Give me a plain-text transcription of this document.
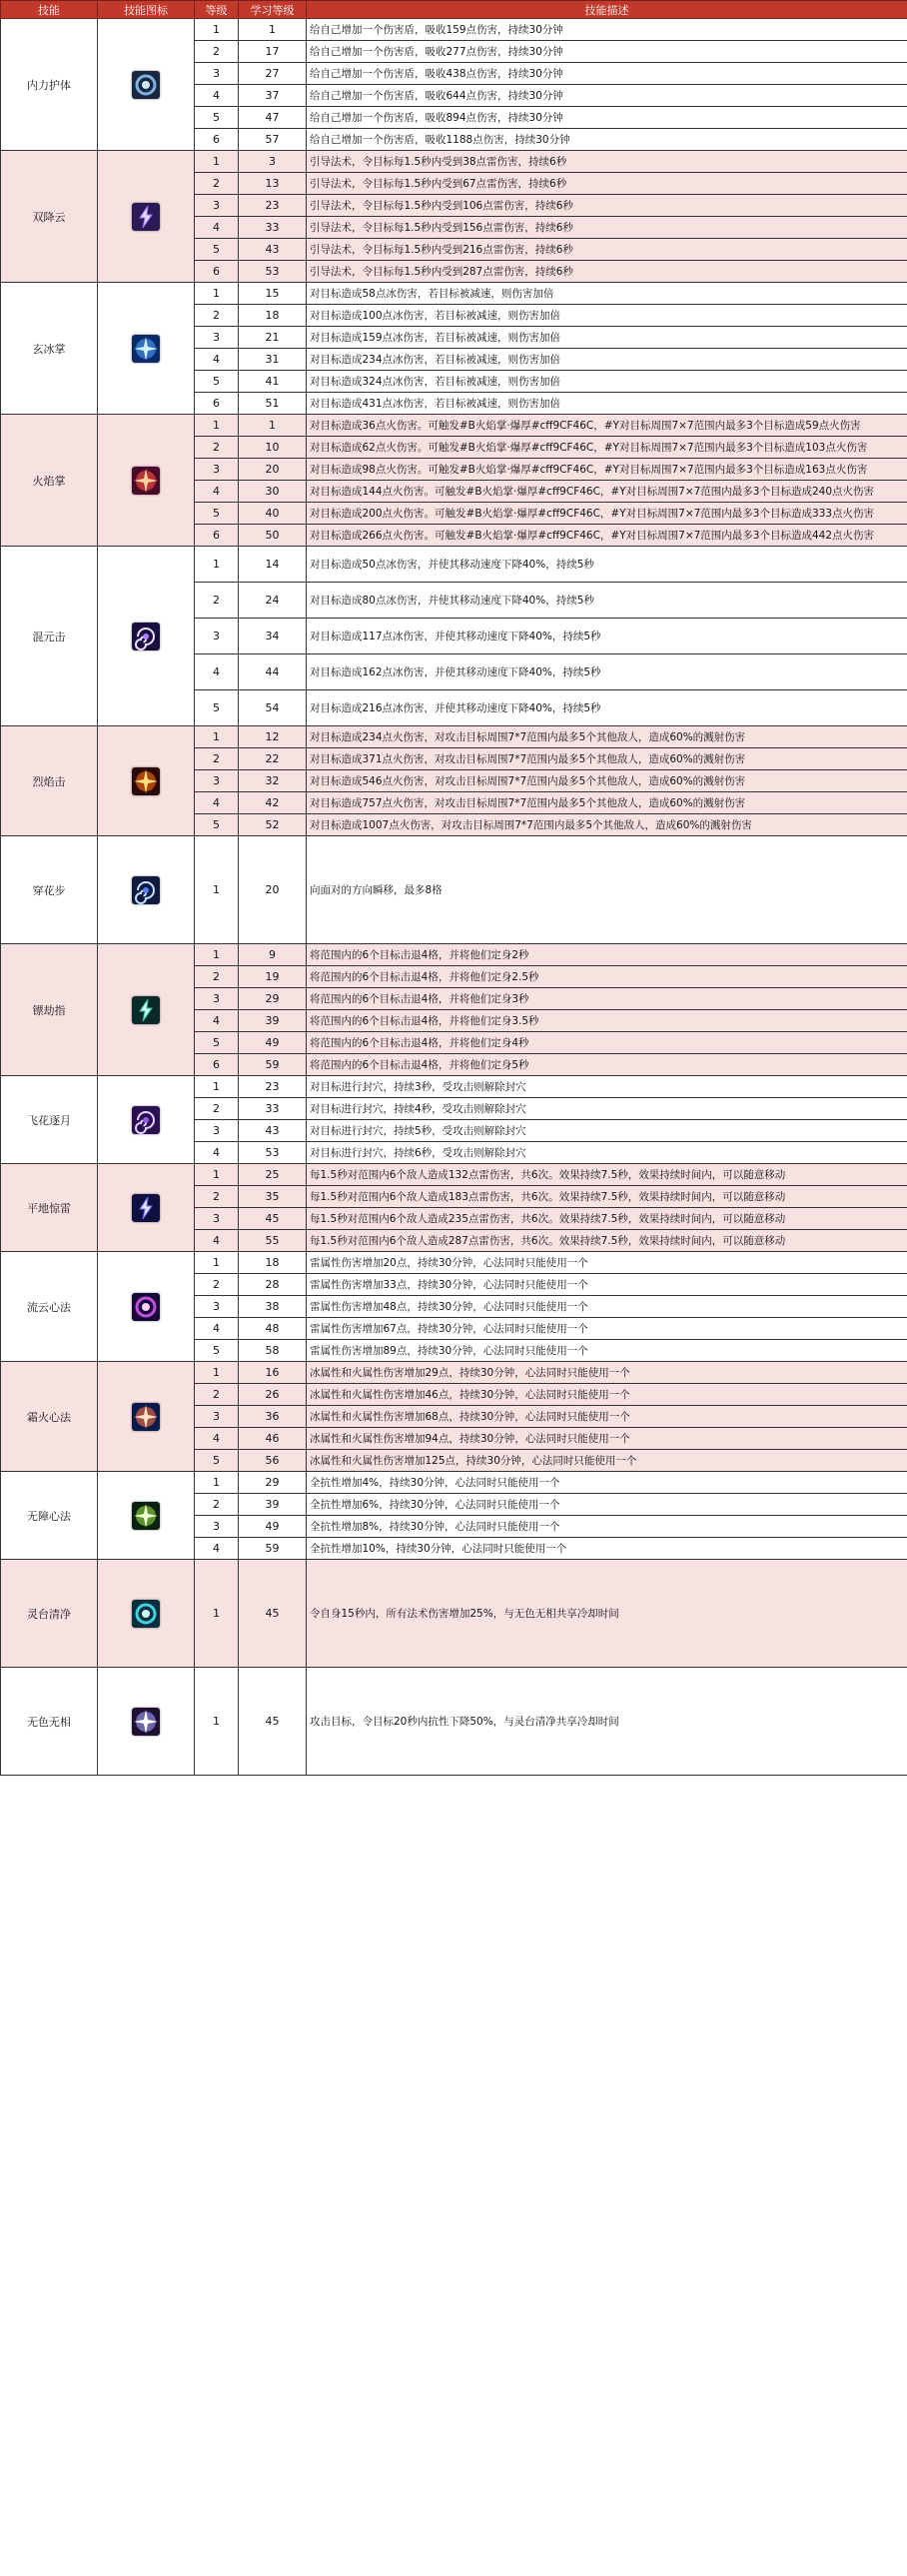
技能	技能图标	等级	学习等级	技能描述
内力护体		1	1	给自己增加一个伤害盾，吸收159点伤害，持续30分钟
		2	17	给自己增加一个伤害盾，吸收277点伤害，持续30分钟
		3	27	给自己增加一个伤害盾，吸收438点伤害，持续30分钟
		4	37	给自己增加一个伤害盾，吸收644点伤害，持续30分钟
		5	47	给自己增加一个伤害盾，吸收894点伤害，持续30分钟
		6	57	给自己增加一个伤害盾，吸收1188点伤害，持续30分钟
双降云		1	3	引导法术，令目标每1.5秒内受到38点雷伤害，持续6秒
		2	13	引导法术，令目标每1.5秒内受到67点雷伤害，持续6秒
		3	23	引导法术，令目标每1.5秒内受到106点雷伤害，持续6秒
		4	33	引导法术，令目标每1.5秒内受到156点雷伤害，持续6秒
		5	43	引导法术，令目标每1.5秒内受到216点雷伤害，持续6秒
		6	53	引导法术，令目标每1.5秒内受到287点雷伤害，持续6秒
玄冰掌		1	15	对目标造成58点冰伤害，若目标被减速，则伤害加倍
		2	18	对目标造成100点冰伤害，若目标被减速，则伤害加倍
		3	21	对目标造成159点冰伤害，若目标被减速，则伤害加倍
		4	31	对目标造成234点冰伤害，若目标被减速，则伤害加倍
		5	41	对目标造成324点冰伤害，若目标被减速，则伤害加倍
		6	51	对目标造成431点冰伤害，若目标被减速，则伤害加倍
火焰掌		1	1	对目标造成36点火伤害。可触发#B火焰掌·爆厚#cff9CF46C，#Y对目标周围7×7范围内最多3个目标造成59点火伤害
		2	10	对目标造成62点火伤害。可触发#B火焰掌·爆厚#cff9CF46C，#Y对目标周围7×7范围内最多3个目标造成103点火伤害
		3	20	对目标造成98点火伤害。可触发#B火焰掌·爆厚#cff9CF46C，#Y对目标周围7×7范围内最多3个目标造成163点火伤害
		4	30	对目标造成144点火伤害。可触发#B火焰掌·爆厚#cff9CF46C，#Y对目标周围7×7范围内最多3个目标造成240点火伤害
		5	40	对目标造成200点火伤害。可触发#B火焰掌·爆厚#cff9CF46C，#Y对目标周围7×7范围内最多3个目标造成333点火伤害
		6	50	对目标造成266点火伤害。可触发#B火焰掌·爆厚#cff9CF46C，#Y对目标周围7×7范围内最多3个目标造成442点火伤害
混元击		1	14	对目标造成50点冰伤害，并使其移动速度下降40%，持续5秒
		2	24	对目标造成80点冰伤害，并使其移动速度下降40%，持续5秒
		3	34	对目标造成117点冰伤害，并使其移动速度下降40%，持续5秒
		4	44	对目标造成162点冰伤害，并使其移动速度下降40%，持续5秒
		5	54	对目标造成216点冰伤害，并使其移动速度下降40%，持续5秒
烈焰击		1	12	对目标造成234点火伤害，对攻击目标周围7*7范围内最多5个其他敌人，造成60%的溅射伤害
		2	22	对目标造成371点火伤害，对攻击目标周围7*7范围内最多5个其他敌人，造成60%的溅射伤害
		3	32	对目标造成546点火伤害，对攻击目标周围7*7范围内最多5个其他敌人，造成60%的溅射伤害
		4	42	对目标造成757点火伤害，对攻击目标周围7*7范围内最多5个其他敌人，造成60%的溅射伤害
		5	52	对目标造成1007点火伤害，对攻击目标周围7*7范围内最多5个其他敌人，造成60%的溅射伤害
穿花步		1	20	向面对的方向瞬移，最多8格
镖劫指		1	9	将范围内的6个目标击退4格，并将他们定身2秒
		2	19	将范围内的6个目标击退4格，并将他们定身2.5秒
		3	29	将范围内的6个目标击退4格，并将他们定身3秒
		4	39	将范围内的6个目标击退4格，并将他们定身3.5秒
		5	49	将范围内的6个目标击退4格，并将他们定身4秒
		6	59	将范围内的6个目标击退4格，并将他们定身5秒
飞花逐月		1	23	对目标进行封穴，持续3秒，受攻击则解除封穴
		2	33	对目标进行封穴，持续4秒，受攻击则解除封穴
		3	43	对目标进行封穴，持续5秒，受攻击则解除封穴
		4	53	对目标进行封穴，持续6秒，受攻击则解除封穴
平地惊雷		1	25	每1.5秒对范围内6个敌人造成132点雷伤害，共6次。效果持续7.5秒，效果持续时间内，可以随意移动
		2	35	每1.5秒对范围内6个敌人造成183点雷伤害，共6次。效果持续7.5秒，效果持续时间内，可以随意移动
		3	45	每1.5秒对范围内6个敌人造成235点雷伤害，共6次。效果持续7.5秒，效果持续时间内，可以随意移动
		4	55	每1.5秒对范围内6个敌人造成287点雷伤害，共6次。效果持续7.5秒，效果持续时间内，可以随意移动
流云心法		1	18	雷属性伤害增加20点，持续30分钟，心法同时只能使用一个
		2	28	雷属性伤害增加33点，持续30分钟，心法同时只能使用一个
		3	38	雷属性伤害增加48点，持续30分钟，心法同时只能使用一个
		4	48	雷属性伤害增加67点，持续30分钟，心法同时只能使用一个
		5	58	雷属性伤害增加89点，持续30分钟，心法同时只能使用一个
霜火心法		1	16	冰属性和火属性伤害增加29点，持续30分钟，心法同时只能使用一个
		2	26	冰属性和火属性伤害增加46点，持续30分钟，心法同时只能使用一个
		3	36	冰属性和火属性伤害增加68点，持续30分钟，心法同时只能使用一个
		4	46	冰属性和火属性伤害增加94点，持续30分钟，心法同时只能使用一个
		5	56	冰属性和火属性伤害增加125点，持续30分钟，心法同时只能使用一个
无障心法		1	29	全抗性增加4%，持续30分钟，心法同时只能使用一个
		2	39	全抗性增加6%，持续30分钟，心法同时只能使用一个
		3	49	全抗性增加8%，持续30分钟，心法同时只能使用一个
		4	59	全抗性增加10%，持续30分钟，心法同时只能使用一个
灵台清净		1	45	令自身15秒内，所有法术伤害增加25%，与无色无相共享冷却时间
无色无相		1	45	攻击目标，令目标20秒内抗性下降50%，与灵台清净共享冷却时间
